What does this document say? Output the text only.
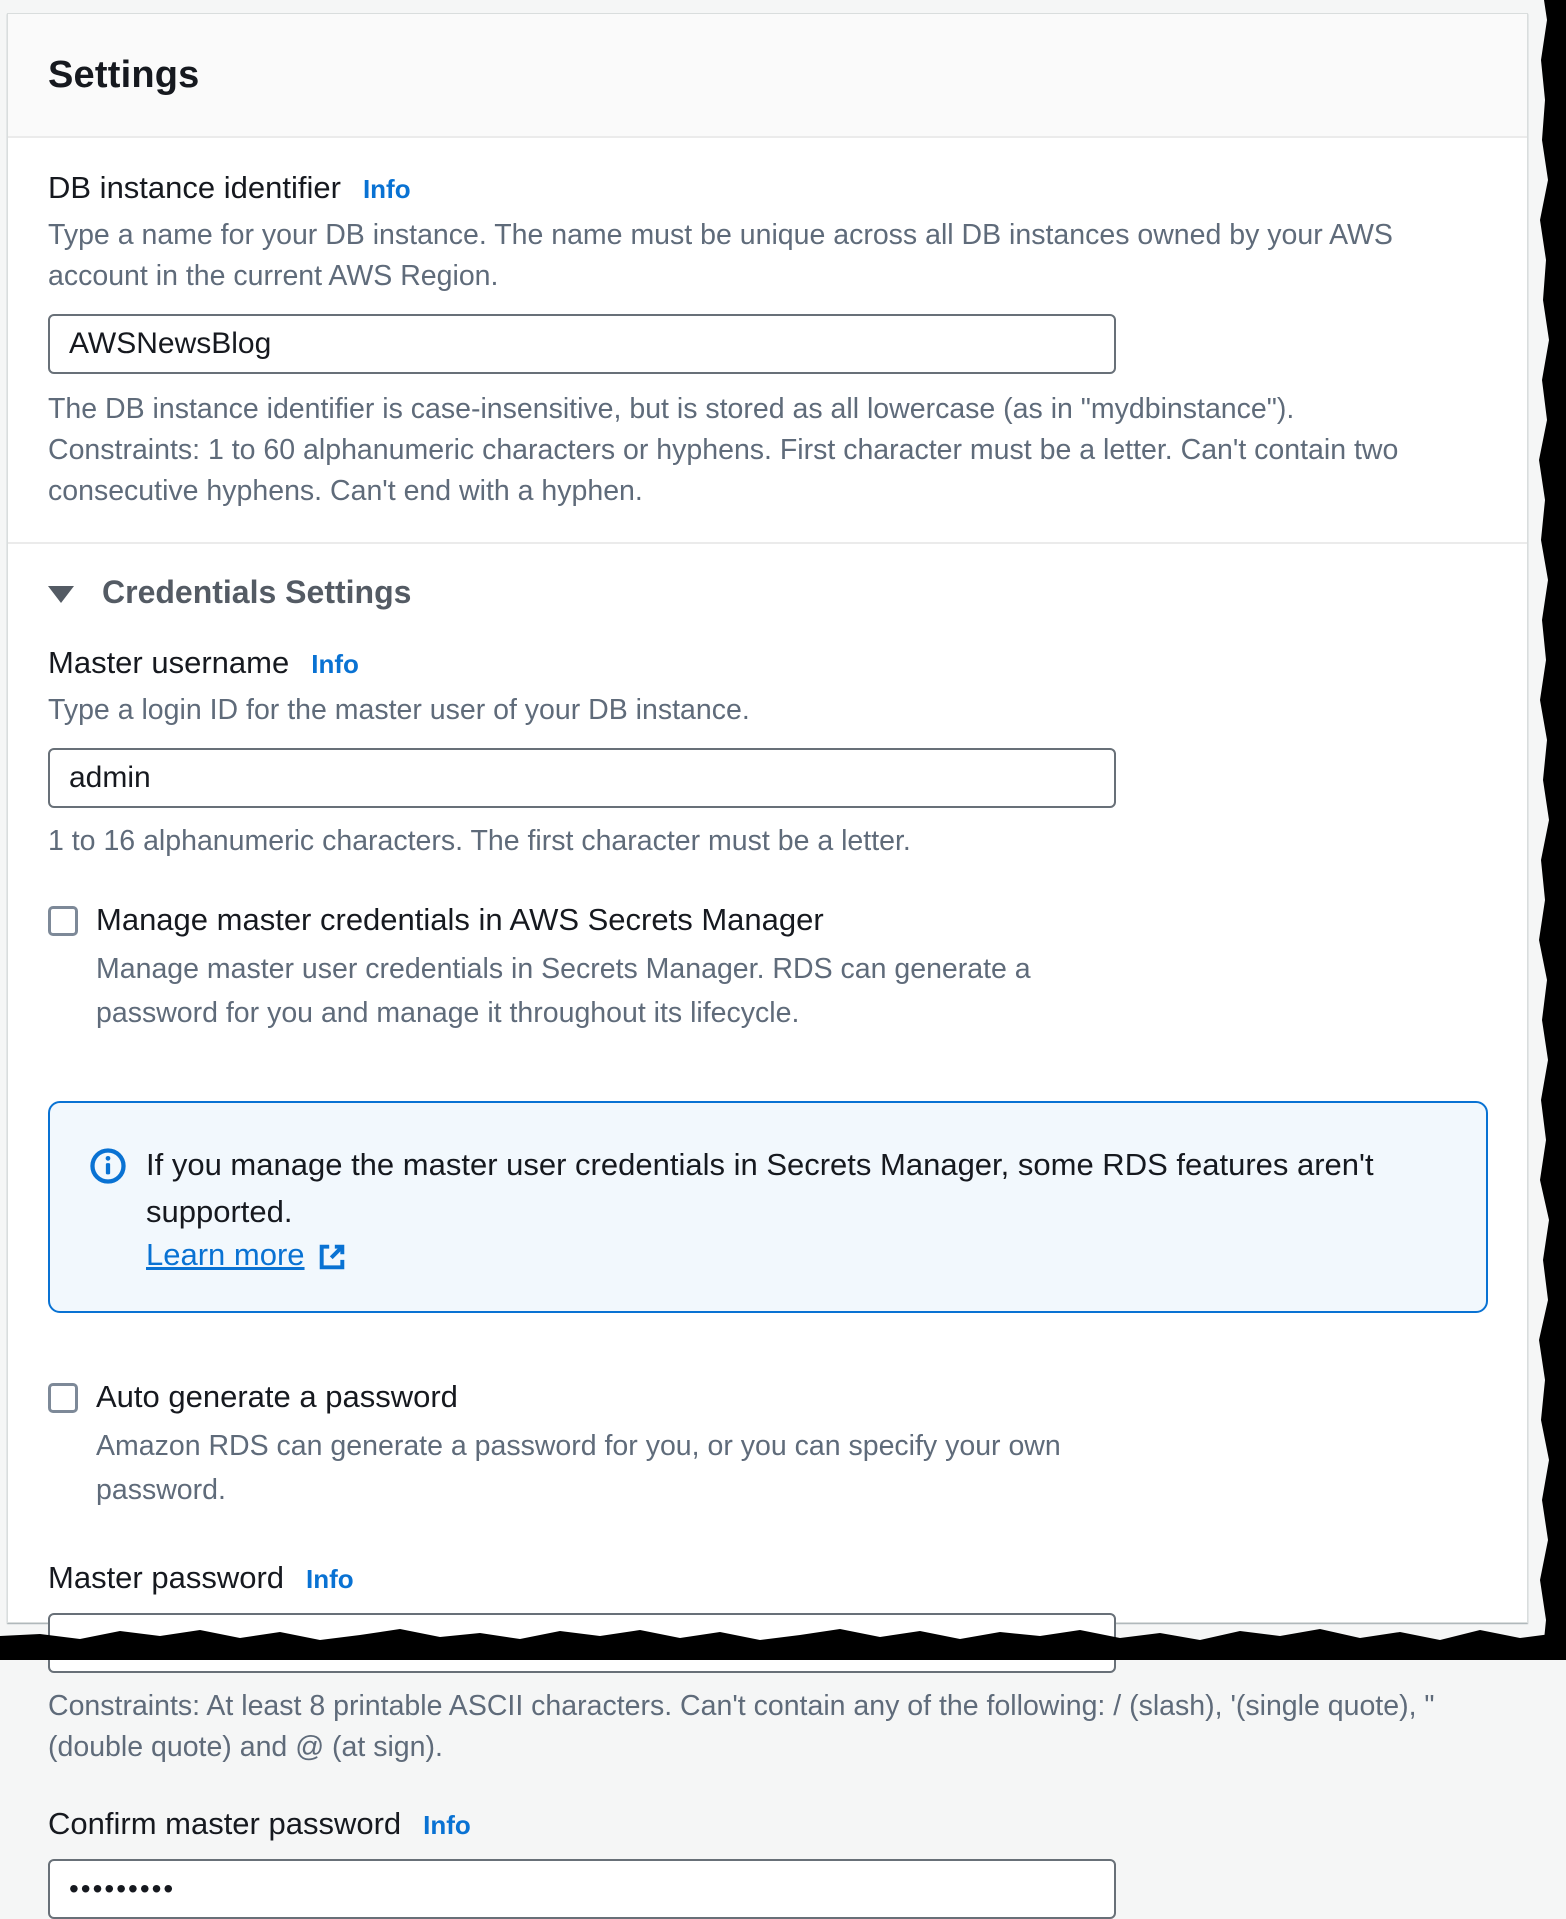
Settings
DB instance identifier Info

Type a name for your DB instance. The name must be unique across all DB instances owned by your AWS account in the current AWS Region.

AWSNewsBlog

The DB instance identifier is case-insensitive, but is stored as all lowercase (as in "mydbinstance"). Constraints: 1 to 60 alphanumeric characters or hyphens. First character must be a letter. Can't contain two consecutive hyphens. Can't end with a hyphen.

Credentials Settings
Master username Info

Type a login ID for the master user of your DB instance.

admin

1 to 16 alphanumeric characters. The first character must be a letter.

Manage master credentials in AWS Secrets Manager

Manage master user credentials in Secrets Manager. RDS can generate a password for you and manage it throughout its lifecycle.

If you manage the master user credentials in Secrets Manager, some RDS features aren't supported.
Learn more
Auto generate a password

Amazon RDS can generate a password for you, or you can specify your own password.

Master password Info
•••••••••

Constraints: At least 8 printable ASCII characters. Can't contain any of the following: / (slash), '(single quote), "(double quote) and @ (at sign).

Confirm master password Info
•••••••••
